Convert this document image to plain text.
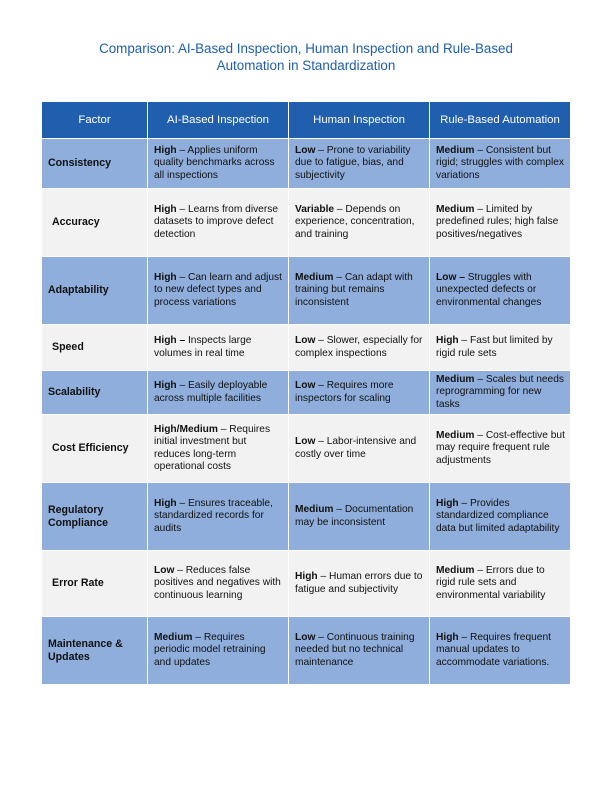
Comparison: AI-Based Inspection, Human Inspection and Rule-Based
Automation in Standardization
Factor	AI-Based Inspection	Human Inspection	Rule-Based Automation
Consistency	High – Applies uniform quality benchmarks across all inspections	Low – Prone to variability due to fatigue, bias, and subjectivity	Medium – Consistent but rigid; struggles with complex variations
Accuracy	High – Learns from diverse datasets to improve defect detection	Variable – Depends on experience, concentration, and training	Medium – Limited by predefined rules; high false positives/negatives
Adaptability	High – Can learn and adjust to new defect types and process variations	Medium – Can adapt with training but remains inconsistent	Low – Struggles with unexpected defects or environmental changes
Speed	High – Inspects large volumes in real time	Low – Slower, especially for complex inspections	High – Fast but limited by rigid rule sets
Scalability	High – Easily deployable across multiple facilities	Low – Requires more inspectors for scaling	Medium – Scales but needs reprogramming for new tasks
Cost Efficiency	High/Medium – Requires initial investment but reduces long-term operational costs	Low – Labor-intensive and costly over time	Medium – Cost-effective but may require frequent rule adjustments
Regulatory Compliance	High – Ensures traceable, standardized records for audits	Medium – Documentation may be inconsistent	High – Provides standardized compliance data but limited adaptability
Error Rate	Low – Reduces false positives and negatives with continuous learning	High – Human errors due to fatigue and subjectivity	Medium – Errors due to rigid rule sets and environmental variability
Maintenance & Updates	Medium – Requires periodic model retraining and updates	Low – Continuous training needed but no technical maintenance	High – Requires frequent manual updates to accommodate variations.
